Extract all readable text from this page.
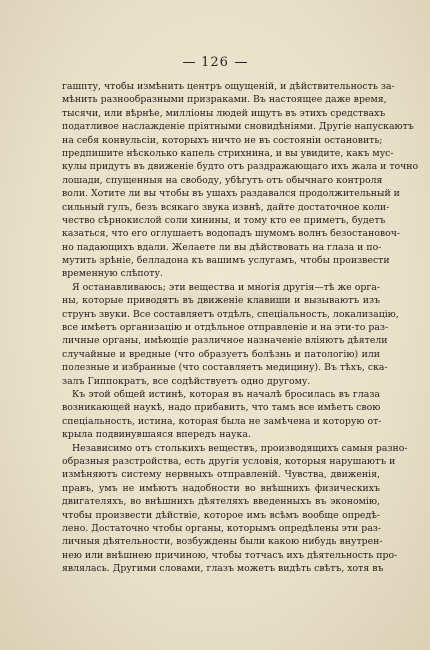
126
гашпту, чтобы измѣнить центръ ощущеній, и дѣйствительность за-
мѣнить разнообразными призраками. Въ настоящее даже время,
тысячи, или вѣрнѣе, милліоны людей ищутъ въ этихъ средствахъ
податливое наслажденіе пріятными сновидѣніями. Другіе напускаютъ
на себя конвульсіи, которыхъ ничто не въ состояніи остановить;
предпишите нѣсколько капель стрихнина, и вы увидите, какъ мус-
кулы придутъ въ движеніе будто отъ раздражающаго ихъ жала и точно
лошади, спущенныя на свободу, убѣгутъ отъ обычнаго контроля
воли. Хотите ли вы чтобы въ ушахъ раздавался продолжительный и
сильный гулъ, безъ всякаго звука извнѣ, дайте достаточное коли-
чество сѣрнокислой соли хинины, и тому кто ее приметъ, будетъ
казаться, что его оглушаетъ водопадъ шумомъ волнъ безостановоч-
но падающихъ вдали. Желаете ли вы дѣйствовать на глаза и по-
мутить зрѣніе, белладона къ вашимъ услугамъ, чтобы произвести
временную слѣпоту.
Я останавливаюсь; эти вещества и многія другія—тѣ же орга-
ны, которые приводятъ въ движеніе клавиши и вызываютъ изъ
струнъ звуки. Все составляетъ отдѣлъ, спеціальность, локализацію,
все имѣетъ организацію и отдѣльное отправленіе и на эти-то раз-
личные органы, имѣющіе различное назначеніе вліяютъ дѣятели
случайные и вредные (что образуетъ болѣзнь и патологію) или
полезные и избранные (что составляетъ медицину). Въ тѣхъ, ска-
залъ Гиппократъ, все содѣйствуетъ одно другому.
Къ этой общей истинѣ, которая въ началѣ бросилась въ глаза
возникающей наукѣ, надо прибавить, что тамъ все имѣетъ свою
спеціальность, истина, которая была не замѣчена и которую от-
крыла подвинувшаяся впередъ наука.
Независимо отъ столькихъ веществъ, производящихъ самыя разно-
образныя разстройства, есть другія условія, которыя нарушаютъ и
измѣняютъ систему нервныхъ отправленій. Чувства, движенія,
правъ, умъ не имѣютъ надобности во внѣшнихъ физическихъ
двигателяхъ, во внѣшнихъ дѣятеляхъ введенныхъ въ экономію,
чтобы произвести дѣйствіе, которое имъ всѣмъ вообще опредѣ-
лено. Достаточно чтобы органы, которымъ опредѣлены эти раз-
личныя дѣятельности, возбуждены были какою нибудь внутрен-
нею или внѣшнею причиною, чтобы тотчасъ ихъ дѣятельность про-
являлась. Другими словами, глазъ можетъ видѣть свѣтъ, хотя въ
